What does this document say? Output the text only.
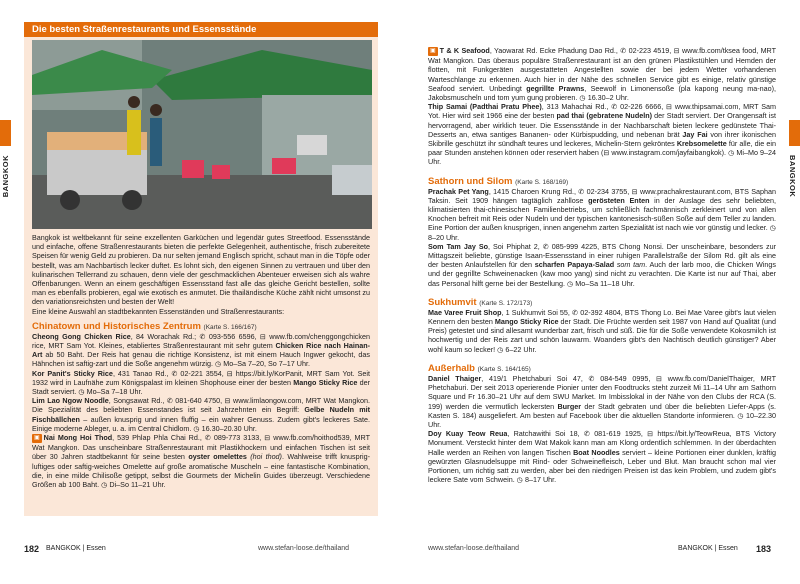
BANGKOK
Die besten Straßenrestaurants und Essensstände
© MAREIKE LOSOE

Bangkok ist weltbekannt für seine exzellenten Garküchen und legendär gutes Streetfood. Essensstände und einfache, offene Straßenrestaurants bieten die perfekte Gelegenheit, authentische, frisch zubereitete Speisen für wenig Geld zu probieren. Da nur selten jemand Englisch spricht, schaut man in die Töpfe oder bestellt, was am Nachbartisch lecker duftet. Es lohnt sich, den eigenen Sinnen zu vertrauen und über den kulinarischen Tellerrand zu schauen, denn viele der geschmacklichen Abenteuer erweisen sich als wahre Offenbarungen. Wenn an einem geschäftigen Essensstand fast alle das gleiche Gericht bestellen, sollte man es ebenfalls probieren, egal wie exotisch es anmutet. Die thailändische Küche zählt nicht umsonst zu den variationsreichsten und besten der Welt!

Eine kleine Auswahl an stadtbekannten Essenständen und Straßenrestaurants:

Chinatown und Historisches Zentrum (Karte S. 166/167)

Cheong Gong Chicken Rice, 84 Worachak Rd.; ✆ 093-556 6596, ⊟ www.fb.com/chenggongchicken rice, MRT Sam Yot. Kleines, etabliertes Straßenrestaurant mit sehr gutem Chicken Rice nach Hainan-Art ab 50 Baht. Der Reis hat genau die richtige Konsistenz, ist mit einem Hauch Ingwer gekocht, das Hähnchen ist saftig-zart und die Soße angenehm würzig. ◷ Mo–Sa 7–20, So 7–17 Uhr.

Kor Panit's Sticky Rice, 431 Tanao Rd., ✆ 02-221 3554, ⊟ https://bit.ly/KorPanit, MRT Sam Yot. Seit 1932 wird in Laufnähe zum Königspalast im kleinen Shophouse einer der besten Mango Sticky Rice der Stadt serviert. ◷ Mo–Sa 7–18 Uhr.

Lim Lao Ngow Noodle, Songsawat Rd., ✆ 081-640 4750, ⊟ www.limlaongow.com, MRT Wat Mangkon. Die Spezialität des beliebten Essenstandes ist seit Jahrzehnten ein Begriff: Gelbe Nudeln mit Fischbällchen – außen knusprig und innen fluffig – ein wahrer Genuss. Zudem gibt's leckeres Sate. Einige moderne Ableger, u. a. im Central Chidlom. ◷ 16.30–20.30 Uhr.

▣ Nai Mong Hoi Thod, 539 Phlap Phla Chai Rd., ✆ 089-773 3133, ⊟ www.fb.com/hoithod539, MRT Wat Mangkon. Das unscheinbare Straßenrestaurant mit Plastikhockern und einfachen Tischen ist seit über 30 Jahren stadtbekannt für seine besten oyster omelettes (hoi thod). Wahlweise trifft knusprig-luftiges oder saftig-weiches Omelette auf große aromatische Muscheln – eine fantastische Kombination, die, in eine milde Chilisoße getippt, selbst die Gourmets der Michelin Guides überzeugt. Verschiedene Größen ab 100 Baht. ◷ Di–So 11–21 Uhr.

182 BANGKOK | Essen	www.stefan-loose.de/thailand
BANGKOK

▣ T & K Seafood, Yaowarat Rd. Ecke Phadung Dao Rd., ✆ 02-223 4519, ⊟ www.fb.com/tksea food, MRT Wat Mangkon. Das überaus populäre Straßenrestaurant ist an den grünen Plastikstühlen und Hemden der flotten, mit Funkgeräten ausgestatteten Angestellten sowie der bei jedem Wetter vorhandenen Warteschlange zu erkennen. Auch hier in der Nähe des schnellen Service gibt es einige, relativ günstige Seafood serviert. Unbedingt gegrillte Prawns, Seewolf in Limonensoße (pla kapong neung ma-nao), Jakobsmuscheln und tom yum gung probieren. ◷ 16.30–2 Uhr.

Thip Samai (Padthai Pratu Phee), 313 Mahachai Rd., ✆ 02-226 6666, ⊟ www.thipsamai.com, MRT Sam Yot. Hier wird seit 1966 eine der besten pad thai (gebratene Nudeln) der Stadt serviert. Der Orangensaft ist hervorragend, aber wirklich teuer. Die Essensstände in der Nachbarschaft bieten leckere gedünstete Thai-Desserts an, etwa santiges Bananen- oder Kürbispudding, und nebenan brät Jay Fai von ihrer ikonischen Skibrille geschützt ihr sündhaft teures und leckeres, Michelin-Stern gekröntes Krebsomelette für alle, die ein paar Stunden anstehen können oder reserviert haben (⊟ www.instagram.com/jayfaibangkok). ◷ Mi–Mo 9–24 Uhr.

Sathorn und Silom (Karte S. 168/169)

Prachak Pet Yang, 1415 Charoen Krung Rd., ✆ 02-234 3755, ⊟ www.prachakrestaurant.com, BTS Saphan Taksin. Seit 1909 hängen tagtäglich zahllose gerösteten Enten in der Auslage des sehr beliebten, klimatisierten thai-chinesischen Familienbetriebs, um schließlich fachmännisch zerkleinert und von allen Knochen befreit mit Reis oder Nudeln und der typischen kantonesisch-süßen Soße auf dem Teller zu landen. Eine Portion der außen knusprigen, innen angenehm zarten Spezialität ist nach wie vor günstig und lecker. ◷ 8–20 Uhr.

Som Tam Jay So, Soi Phiphat 2, ✆ 085-999 4225, BTS Chong Nonsi. Der unscheinbare, besonders zur Mittagszeit beliebte, günstige Isaan-Essensstand in einer ruhigen Parallelstraße der Silom Rd. gilt als eine der besten Anlaufstellen für den scharfen Papaya-Salad som tam. Auch der larb moo, die Chicken Wings und der gegrillte Schweinenacken (kaw moo yang) sind nicht zu verachten. Die Karte ist nur auf Thai, aber das Personal hilft gerne bei der Bestellung. ◷ Mo–Sa 11–18 Uhr.

Sukhumvit (Karte S. 172/173)

Mae Varee Fruit Shop, 1 Sukhumvit Soi 55, ✆ 02-392 4804, BTS Thong Lo. Bei Mae Varee gibt's laut vielen Kennern den besten Mango Sticky Rice der Stadt. Die Früchte werden seit 1987 von Hand auf Qualität (und Preis) getestet und sind allesamt wunderbar zart, frisch und süß. Die für die Soße verwendete Kokosmilch ist hochwertig und der Reis zart und schön lauwarm. Woanders gibt's den Nachtisch deutlich günstiger? Aber wohl kaum so lecker! ◷ 6–22 Uhr.

Außerhalb (Karte S. 164/165)

Daniel Thaiger, 419/1 Phetchaburi Soi 47, ✆ 084-549 0995, ⊟ www.fb.com/DanielThaiger, MRT Phetchaburi. Der seit 2013 operierende Pionier unter den Foodtrucks steht zurzeit Mi 11–14 Uhr am Sathorn Square und Fr 16.30–21 Uhr auf dem SWU Market. Im Imbisslokal in der Nähe von den Clubs der RCA (S. 199) werden die vermutlich leckersten Burger der Stadt gebraten und über die beliebten Liefer-Apps (s. Kasten S. 184) ausgeliefert. Am besten auf Facebook über die aktuellen Standorte informieren. ◷ 10–22.30 Uhr.

Doy Kuay Teow Reua, Ratchawithi Soi 18, ✆ 081-619 1925, ⊟ https://bit.ly/TeowReua, BTS Victory Monument. Versteckt hinter dem Wat Makok kann man am Klong ordentlich schlemmen. In der überdachten Halle werden an Reihen von langen Tischen Boat Noodles serviert – kleine Portionen einer dunklen, kräftig gewürzten Glasnudelsuppe mit Rind- oder Schweinefleisch, Leber und Blut. Man braucht schon mal vier Portionen, um richtig satt zu werden, aber bei den niedrigen Preisen ist das kein Problem, und zudem gibt's leckere Sate vom Schwein. ◷ 8–17 Uhr.

www.stefan-loose.de/thailand	BANGKOK | Essen 183
